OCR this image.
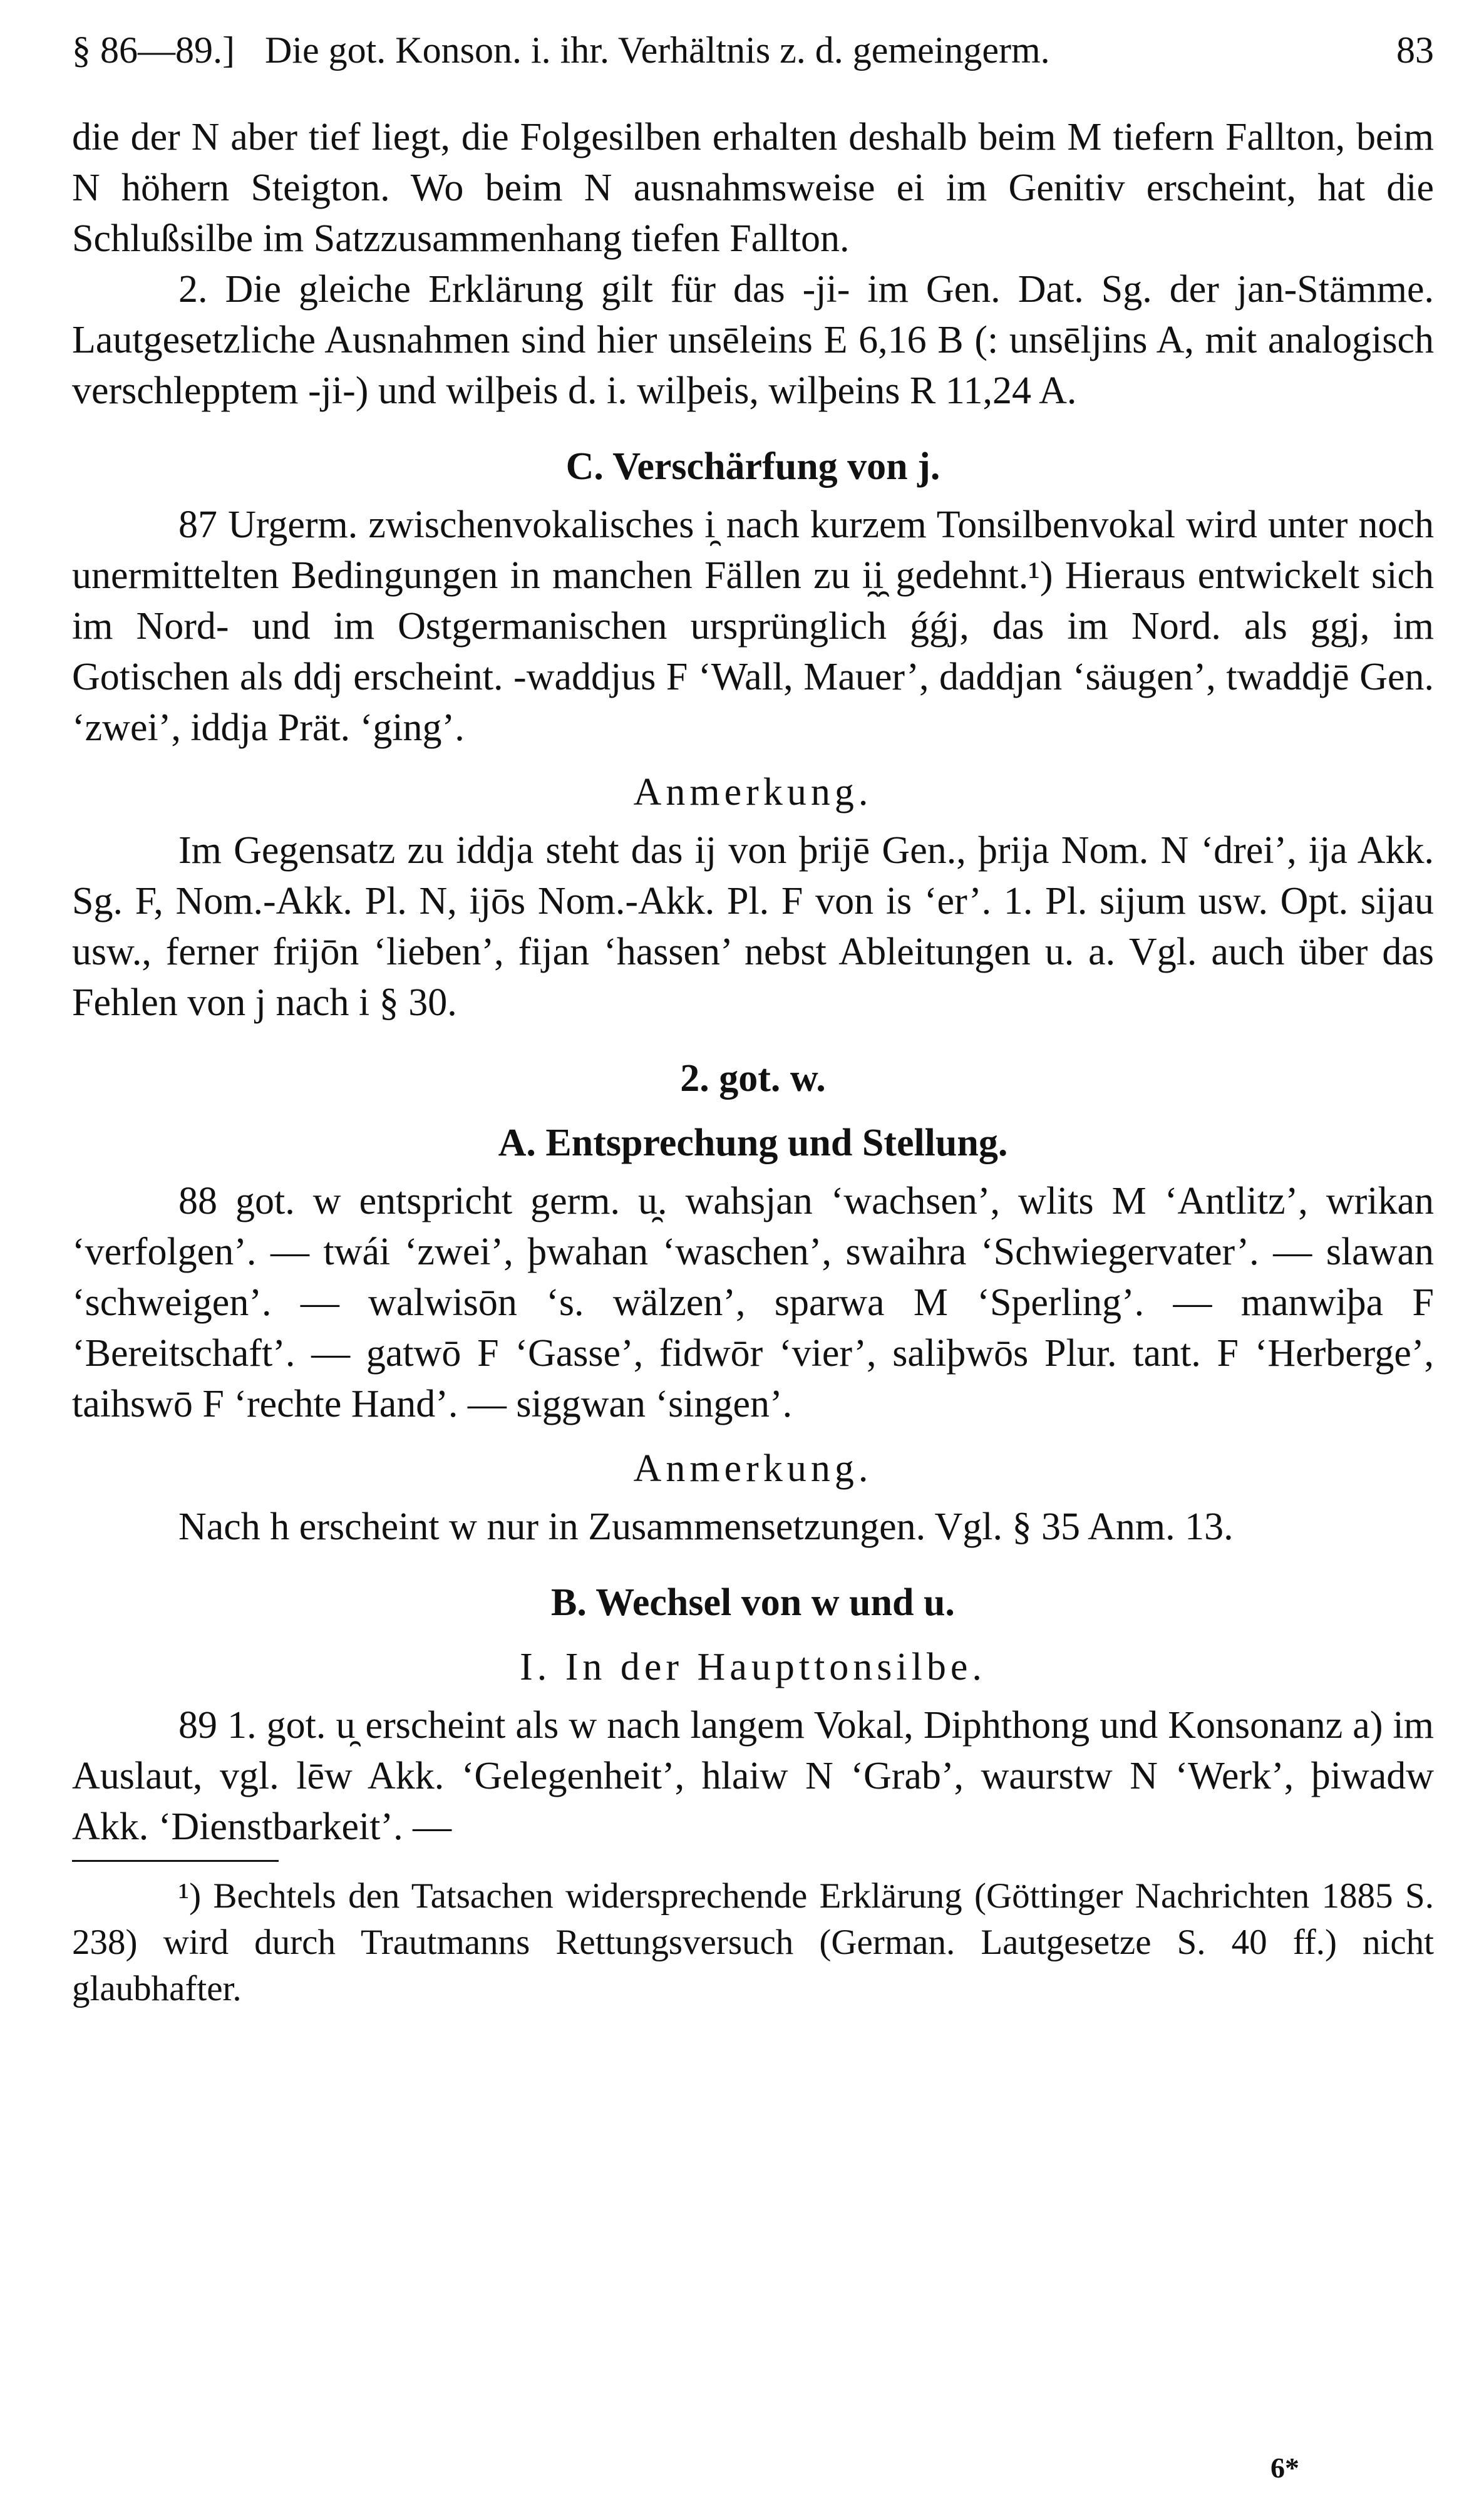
§ 86—89.] Die got. Konson. i. ihr. Verhältnis z. d. gemeingerm.	83

die der N aber tief liegt, die Folgesilben erhalten deshalb beim M tiefern Fallton, beim N höhern Steigton. Wo beim N ausnahmsweise ei im Genitiv erscheint, hat die Schlußsilbe im Satzzusammenhang tiefen Fallton.

2. Die gleiche Erklärung gilt für das -ji- im Gen. Dat. Sg. der jan-Stämme. Lautgesetzliche Ausnahmen sind hier unsēleins E 6,16 B (: unsēljins A, mit analogisch verschlepptem -ji-) und wilþeis d. i. wilþeis, wilþeins R 11,24 A.

C. Verschärfung von j.

87 Urgerm. zwischenvokalisches i̯ nach kurzem Tonsilbenvokal wird unter noch unermittelten Bedingungen in manchen Fällen zu i̯i̯ gedehnt.¹) Hieraus entwickelt sich im Nord- und im Ostgermanischen ursprünglich ǵǵj, das im Nord. als ggj, im Gotischen als ddj erscheint. -waddjus F ‘Wall, Mauer’, daddjan ‘säugen’, twaddjē Gen. ‘zwei’, iddja Prät. ‘ging’.

Anmerkung.

Im Gegensatz zu iddja steht das ij von þrijē Gen., þrija Nom. N ‘drei’, ija Akk. Sg. F, Nom.-Akk. Pl. N, ijōs Nom.-Akk. Pl. F von is ‘er’. 1. Pl. sijum usw. Opt. sijau usw., ferner frijōn ‘lieben’, fijan ‘hassen’ nebst Ableitungen u. a. Vgl. auch über das Fehlen von j nach i § 30.

2. got. w.

A. Entsprechung und Stellung.

88 got. w entspricht germ. u̯. wahsjan ‘wachsen’, wlits M ‘Antlitz’, wrikan ‘verfolgen’. — twái ‘zwei’, þwahan ‘waschen’, swaihra ‘Schwiegervater’. — slawan ‘schweigen’. — walwisōn ‘s. wälzen’, sparwa M ‘Sperling’. — manwiþa F ‘Bereitschaft’. — gatwō F ‘Gasse’, fidwōr ‘vier’, saliþwōs Plur. tant. F ‘Herberge’, taihswō F ‘rechte Hand’. — siggwan ‘singen’.

Anmerkung.

Nach h erscheint w nur in Zusammensetzungen. Vgl. § 35 Anm. 13.

B. Wechsel von w und u.

I. In der Haupttonsilbe.

89 1. got. u̯ erscheint als w nach langem Vokal, Diphthong und Konsonanz a) im Auslaut, vgl. lēw Akk. ‘Gelegenheit’, hlaiw N ‘Grab’, waurstw N ‘Werk’, þiwadw Akk. ‘Dienstbarkeit’. —

¹) Bechtels den Tatsachen widersprechende Erklärung (Göttinger Nachrichten 1885 S. 238) wird durch Trautmanns Rettungsversuch (German. Lautgesetze S. 40 ff.) nicht glaubhafter.

6*
